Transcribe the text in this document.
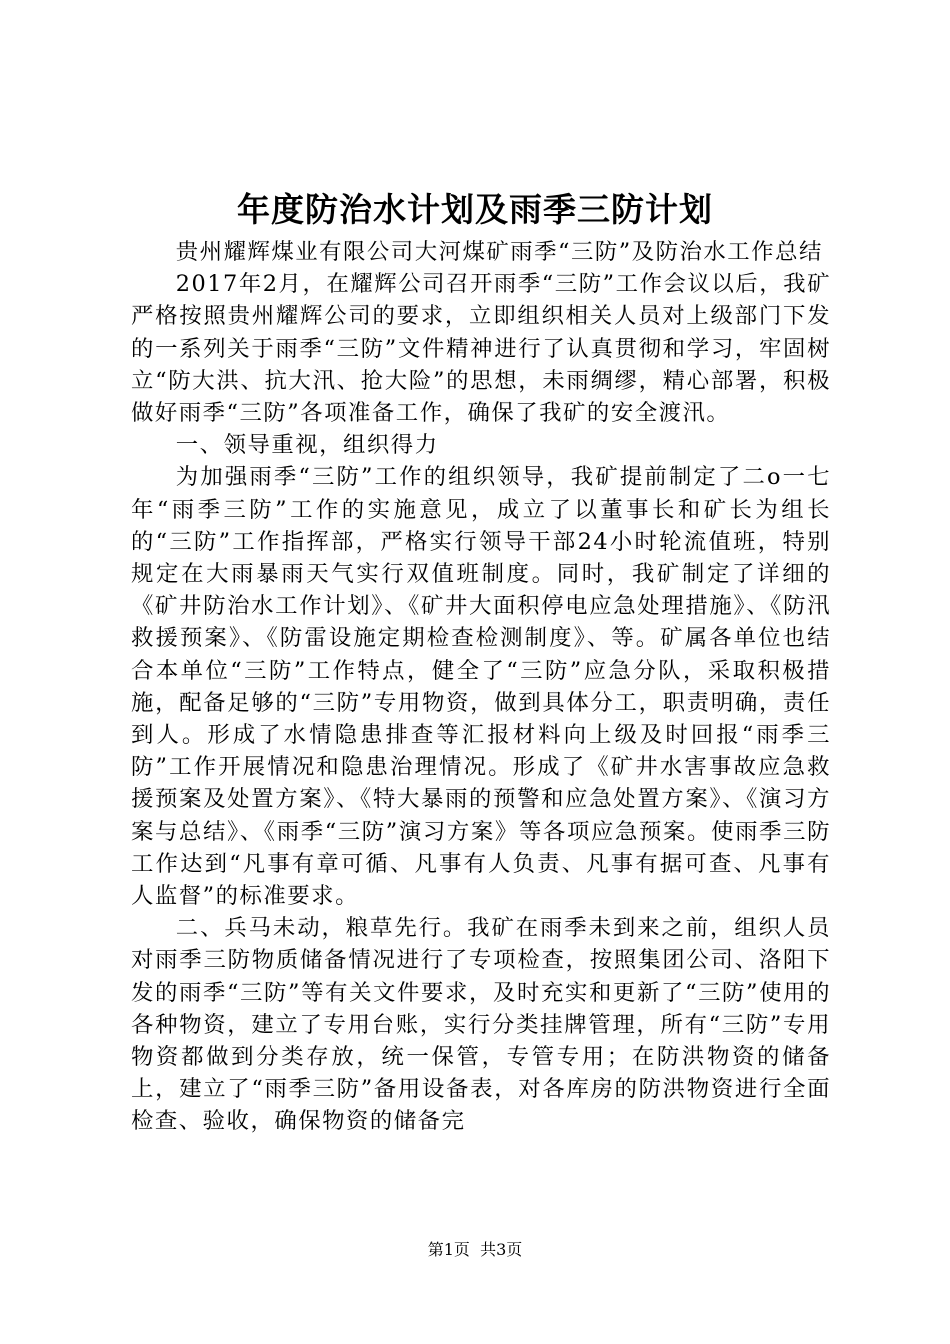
年度防治水计划及雨季三防计划

贵州耀辉煤业有限公司大河煤矿雨季“三防”及防治水工作总结

2017年2月，在耀辉公司召开雨季“三防”工作会议以后，我矿严格按照贵州耀辉公司的要求，立即组织相关人员对上级部门下发的一系列关于雨季“三防”文件精神进行了认真贯彻和学习，牢固树立“防大洪、抗大汛、抢大险”的思想，未雨绸缪，精心部署，积极做好雨季“三防”各项准备工作，确保了我矿的安全渡汛。

一、领导重视，组织得力

为加强雨季“三防”工作的组织领导，我矿提前制定了二o一七年“雨季三防”工作的实施意见，成立了以董事长和矿长为组长的“三防”工作指挥部，严格实行领导干部24小时轮流值班，特别规定在大雨暴雨天气实行双值班制度。同时，我矿制定了详细的《矿井防治水工作计划》、《矿井大面积停电应急处理措施》、《防汛救援预案》、《防雷设施定期检查检测制度》、等。矿属各单位也结合本单位“三防”工作特点，健全了“三防”应急分队，采取积极措施，配备足够的“三防”专用物资，做到具体分工，职责明确，责任到人。形成了水情隐患排查等汇报材料向上级及时回报“雨季三防”工作开展情况和隐患治理情况。形成了《矿井水害事故应急救援预案及处置方案》、《特大暴雨的预警和应急处置方案》、《演习方案与总结》、《雨季“三防”演习方案》等各项应急预案。使雨季三防工作达到“凡事有章可循、凡事有人负责、凡事有据可查、凡事有人监督”的标准要求。

二、兵马未动，粮草先行。我矿在雨季未到来之前，组织人员对雨季三防物质储备情况进行了专项检查，按照集团公司、洛阳下发的雨季“三防”等有关文件要求，及时充实和更新了“三防”使用的各种物资，建立了专用台账，实行分类挂牌管理，所有“三防”专用物资都做到分类存放，统一保管，专管专用；在防洪物资的储备上，建立了“雨季三防”备用设备表，对各库房的防洪物资进行全面检查、验收，确保物资的储备完

第1页 共3页
